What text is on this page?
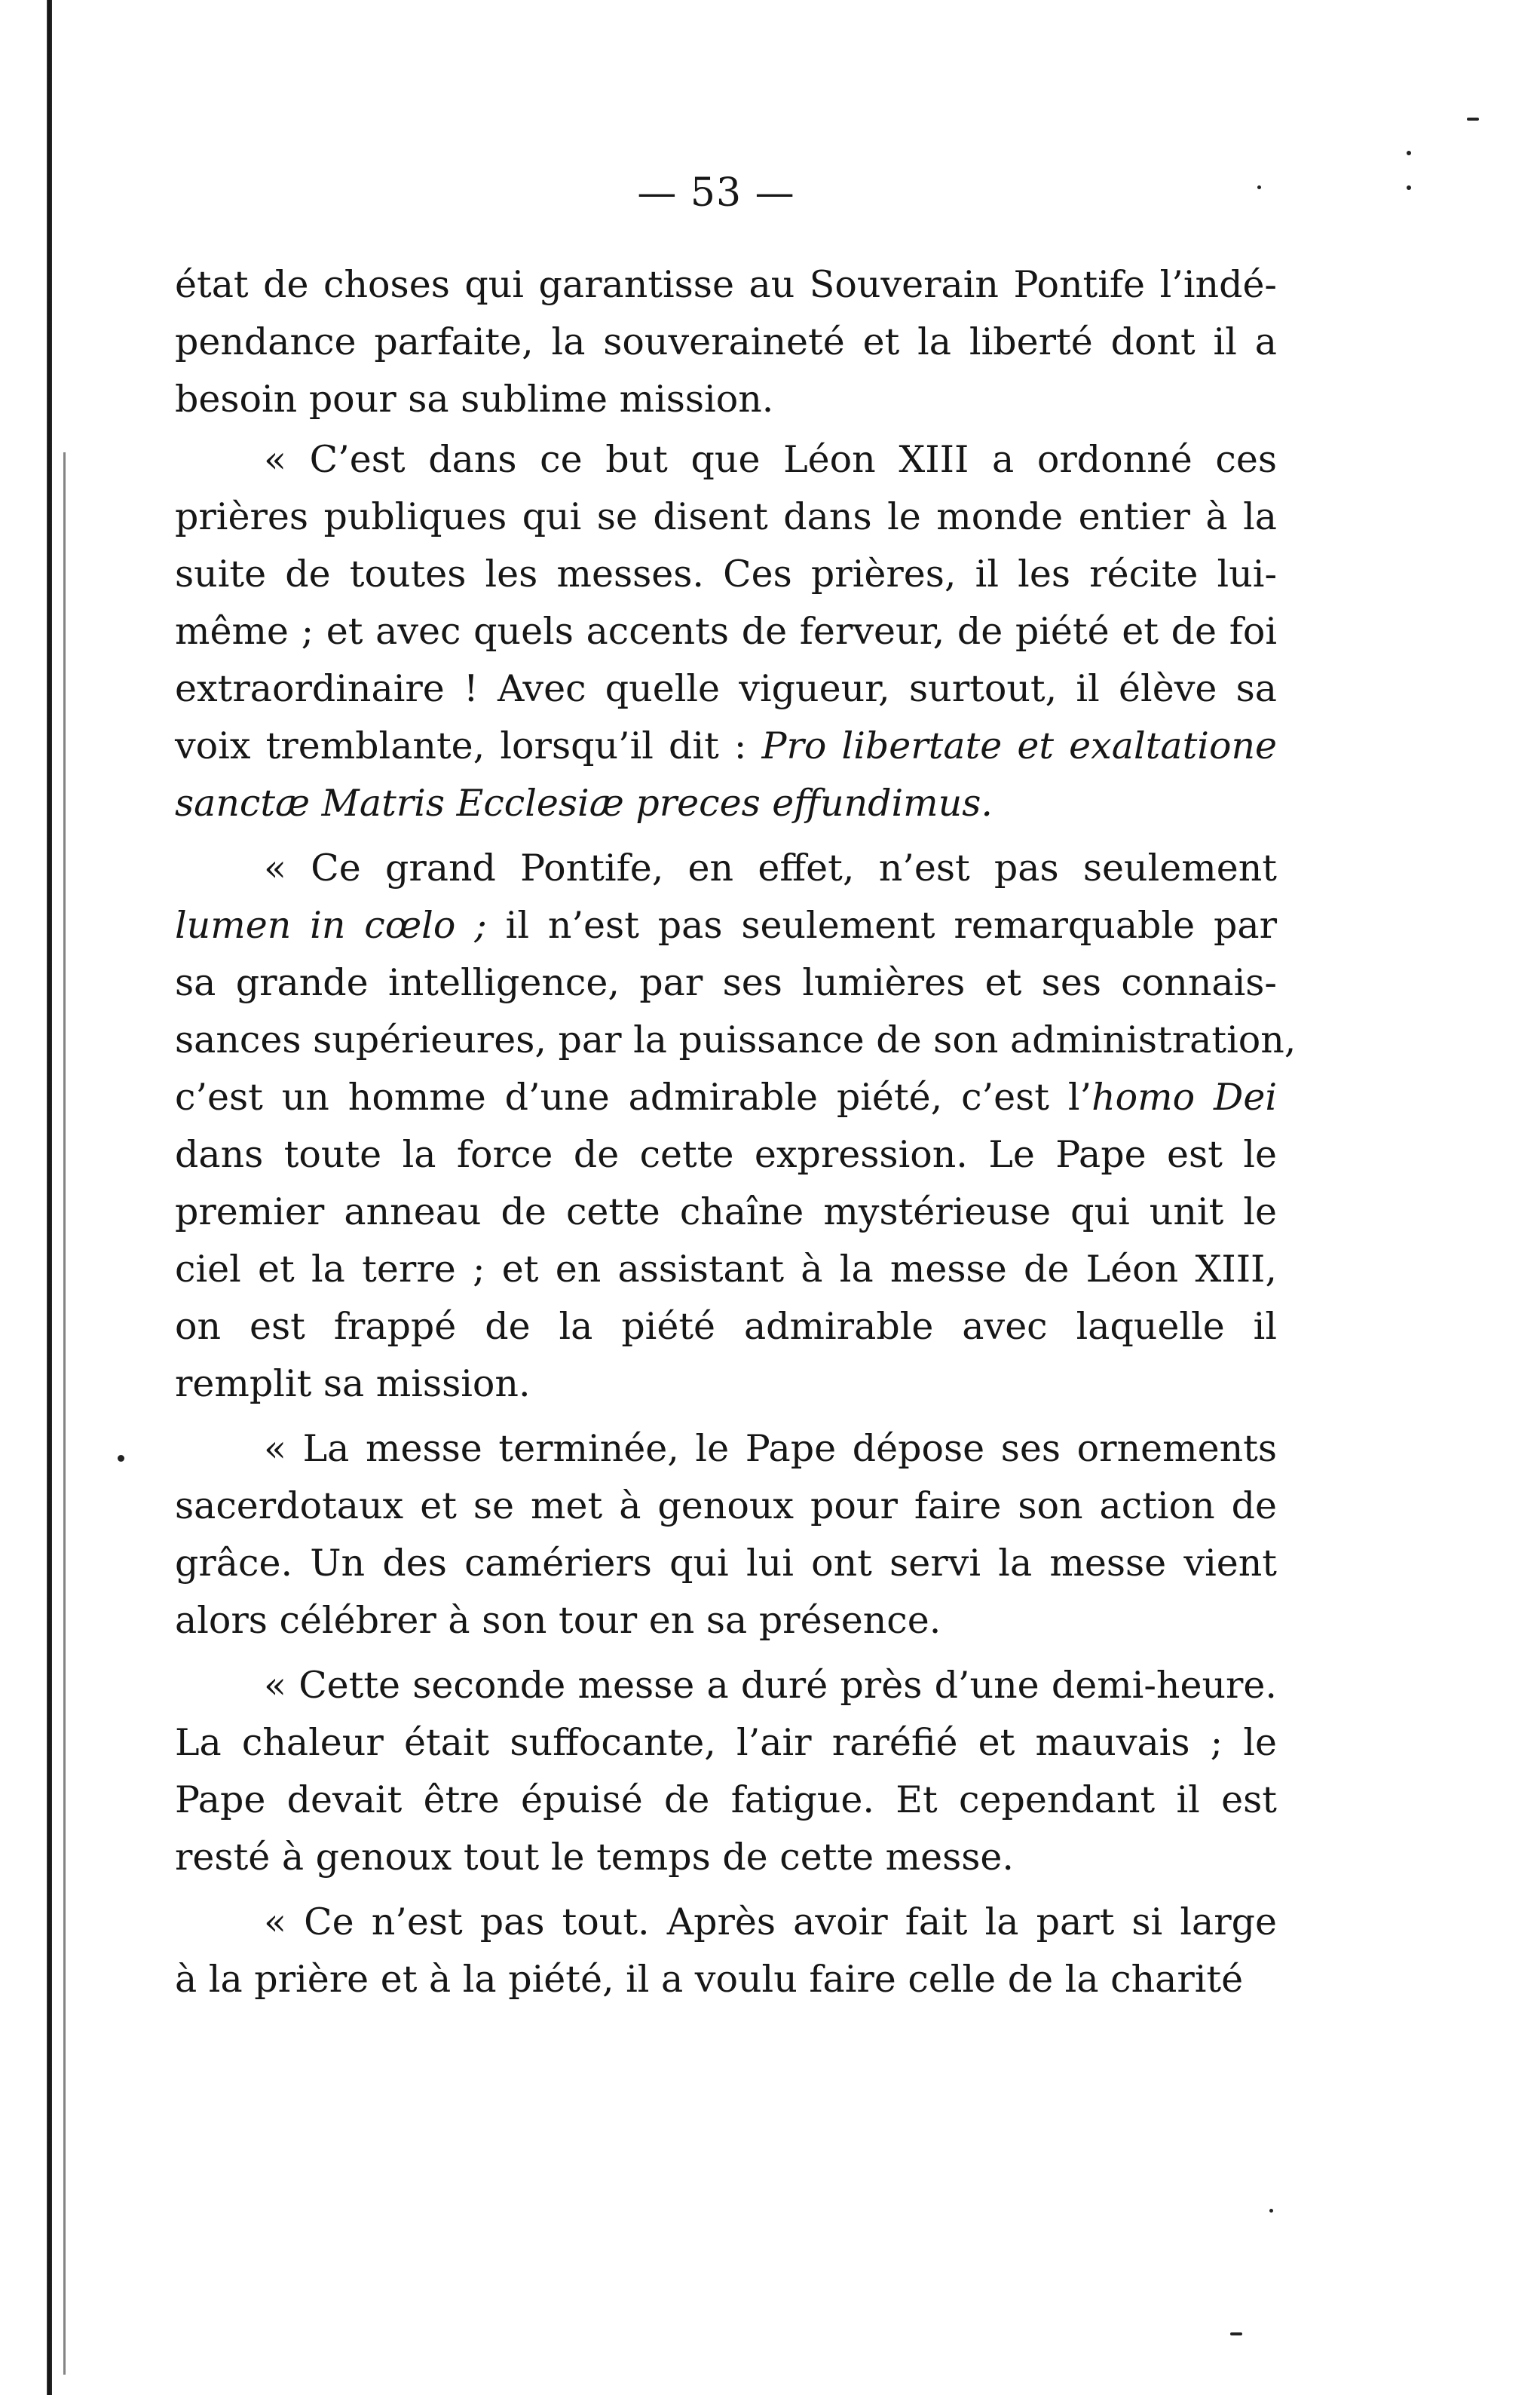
— 53 —
état de choses qui garantisse au Souverain Pontife l’indé-
pendance parfaite, la souveraineté et la liberté dont il a
besoin pour sa sublime mission.
« C’est dans ce but que Léon XIII a ordonné ces
prières publiques qui se disent dans le monde entier à la
suite de toutes les messes. Ces prières, il les récite lui-
même ; et avec quels accents de ferveur, de piété et de foi
extraordinaire ! Avec quelle vigueur, surtout, il élève sa
voix tremblante, lorsqu’il dit : Pro libertate et exaltatione
sanctæ Matris Ecclesiæ preces effundimus.
« Ce grand Pontife, en effet, n’est pas seulement
lumen in cœlo ; il n’est pas seulement remarquable par
sa grande intelligence, par ses lumières et ses connais-
sances supérieures, par la puissance de son administration,
c’est un homme d’une admirable piété, c’est l’homo Dei
dans toute la force de cette expression. Le Pape est le
premier anneau de cette chaîne mystérieuse qui unit le
ciel et la terre ; et en assistant à la messe de Léon XIII,
on est frappé de la piété admirable avec laquelle il
remplit sa mission.
« La messe terminée, le Pape dépose ses ornements
sacerdotaux et se met à genoux pour faire son action de
grâce. Un des camériers qui lui ont servi la messe vient
alors célébrer à son tour en sa présence.
« Cette seconde messe a duré près d’une demi-heure.
La chaleur était suffocante, l’air raréfié et mauvais ; le
Pape devait être épuisé de fatigue. Et cependant il est
resté à genoux tout le temps de cette messe.
« Ce n’est pas tout. Après avoir fait la part si large
à la prière et à la piété, il a voulu faire celle de la charité
